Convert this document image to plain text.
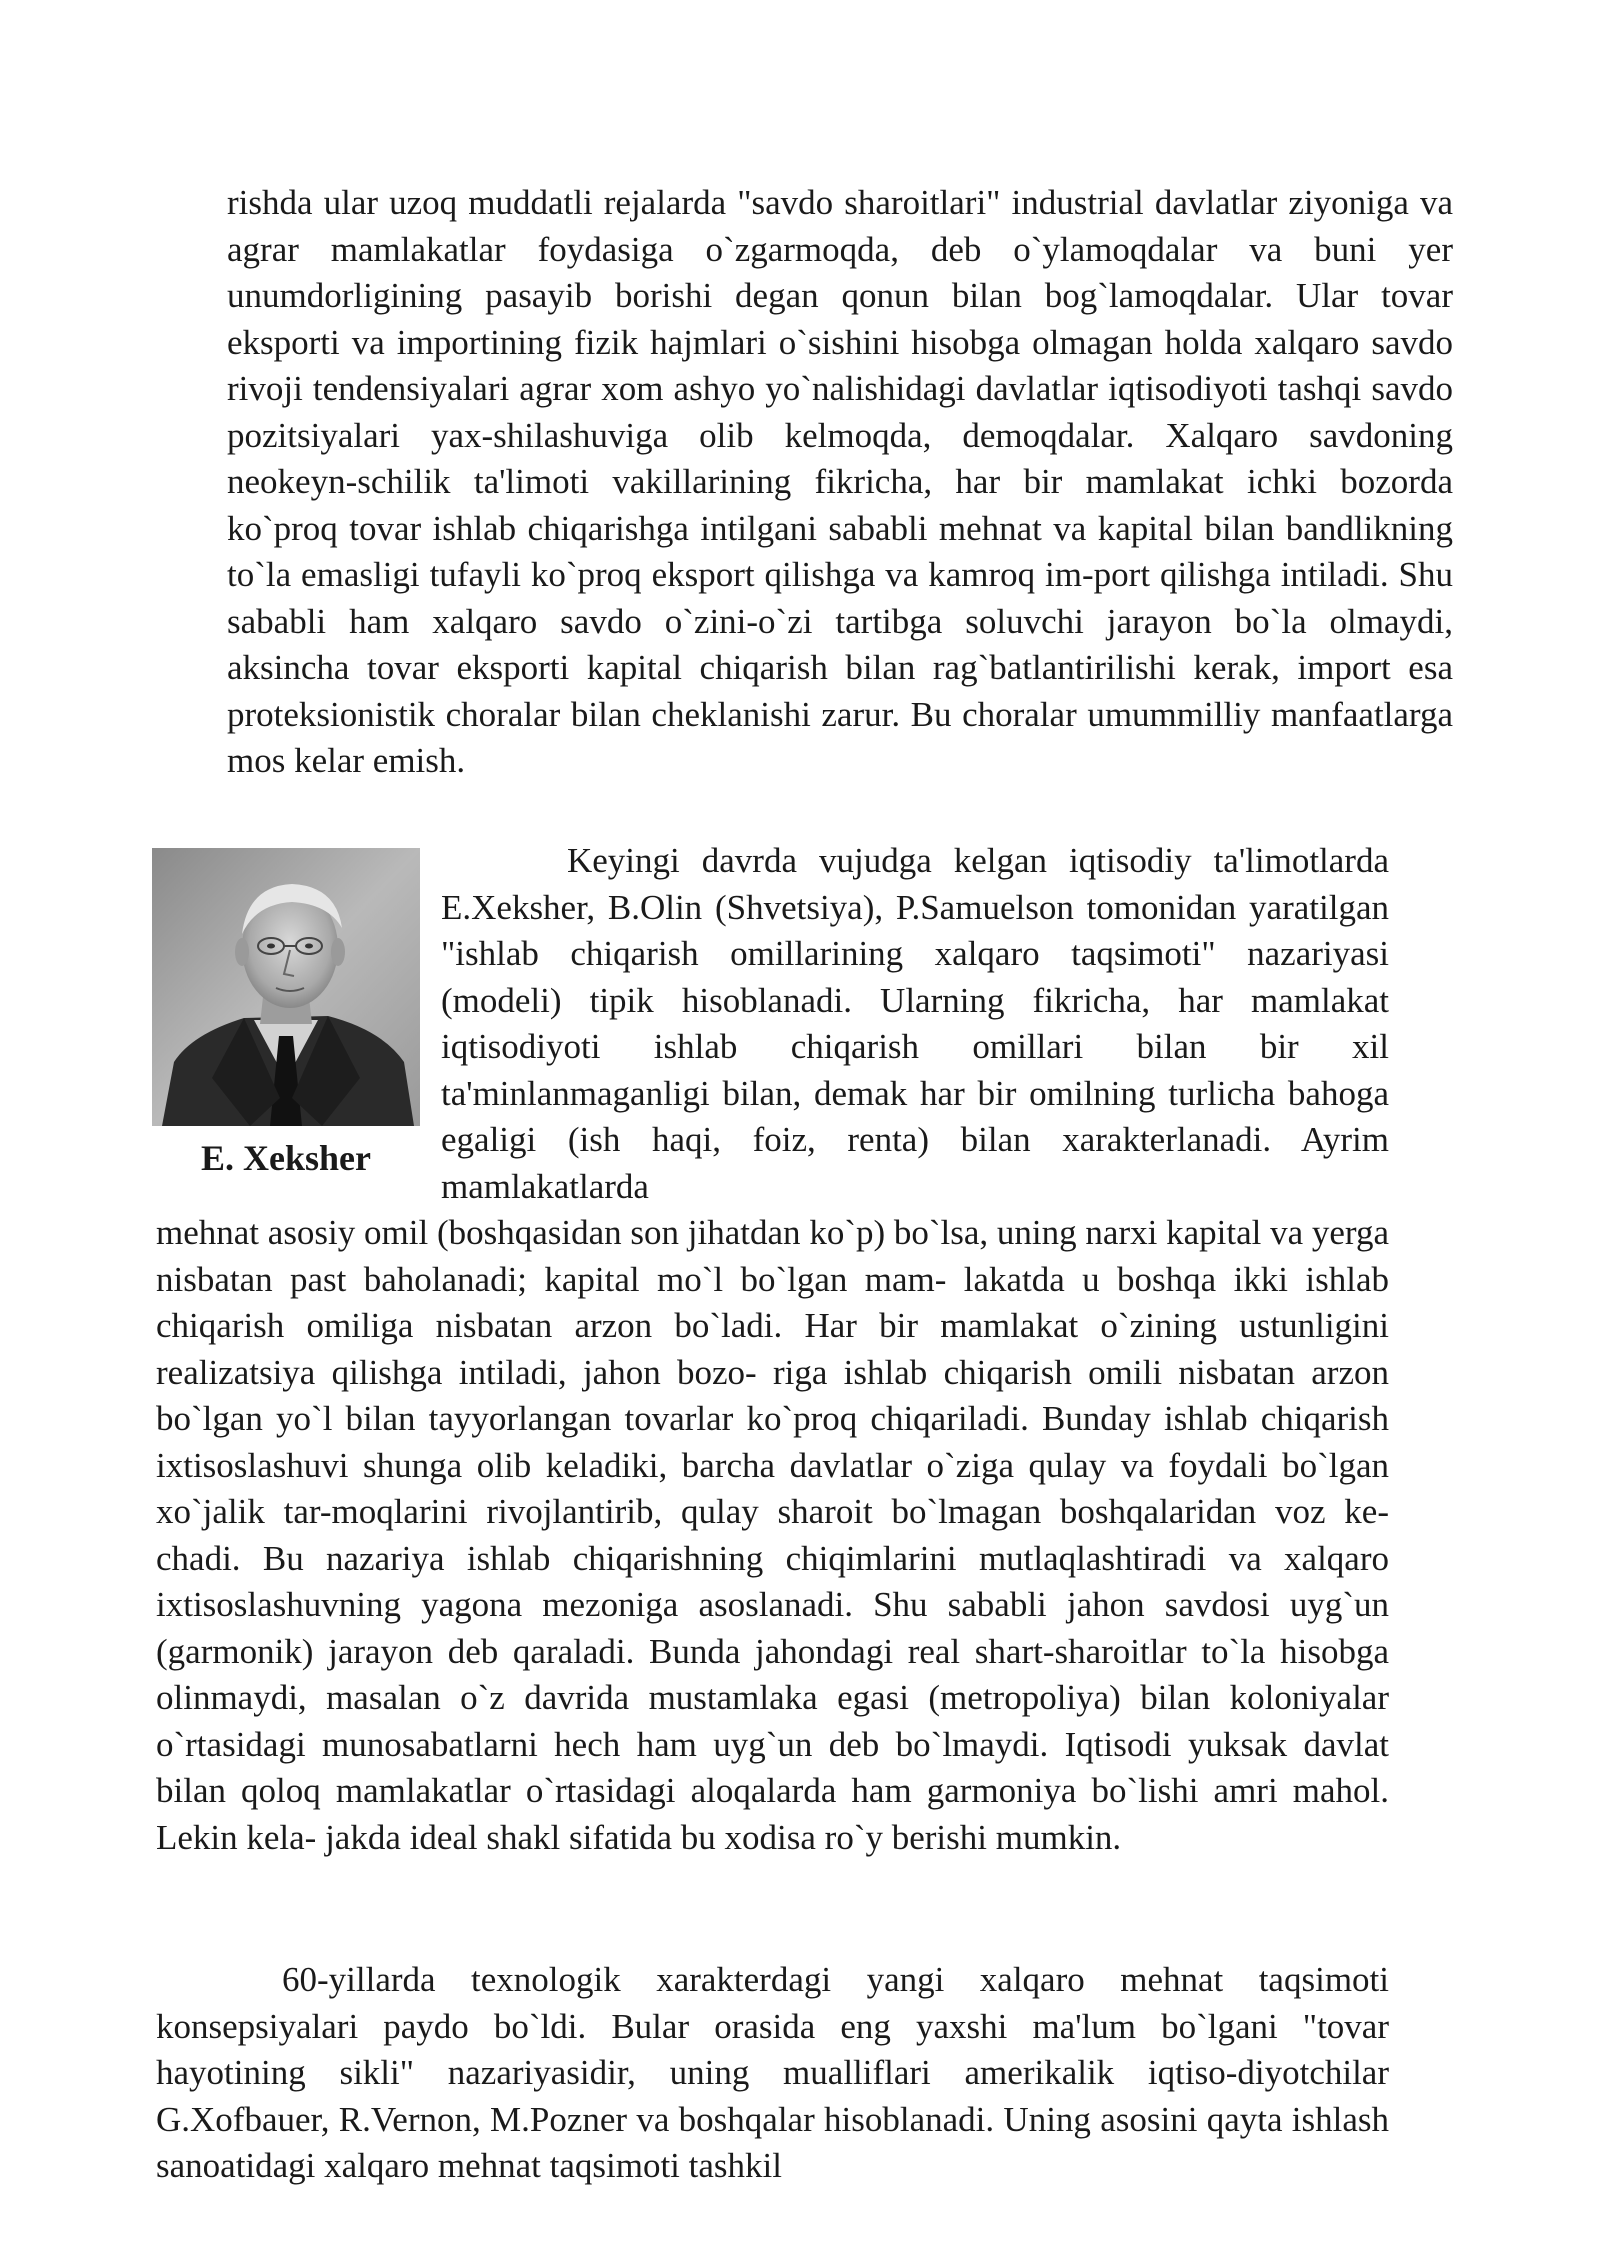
rishda ular uzoq muddatli rejalarda "savdo sharoitlari" industrial davlatlar ziyoniga va agrar mamlakatlar foydasiga o`zgarmoqda, deb o`ylamoqdalar va buni yer unumdorligining pasayib borishi degan qonun bilan bog`lamoqdalar. Ular tovar eksporti va importining fizik hajmlari o`sishini hisobga olmagan holda xalqaro savdo rivoji tendensiyalari agrar xom ashyo yo`nalishidagi davlatlar iqtisodiyoti tashqi savdo pozitsiyalari yax-shilashuviga olib kelmoqda, demoqdalar. Xalqaro savdoning neokeyn-schilik ta'limoti vakillarining fikricha, har bir mamlakat ichki bozorda ko`proq tovar ishlab chiqarishga intilgani sababli mehnat va kapital bilan bandlikning to`la emasligi tufayli ko`proq eksport qilishga va kamroq im-port qilishga intiladi. Shu sababli ham xalqaro savdo o`zini-o`zi tartibga soluvchi jarayon bo`la olmaydi, aksincha tovar eksporti kapital chiqarish bilan rag`batlantirilishi kerak, import esa proteksionistik choralar bilan cheklanishi zarur. Bu choralar umummilliy manfaatlarga mos kelar emish.

E. Xeksher

Keyingi davrda vujudga kelgan iqtisodiy ta'limotlarda E.Xeksher, B.Olin (Shvetsiya), P.Samuelson tomonidan yaratilgan "ishlab chiqarish omillarining xalqaro taqsimoti" nazariyasi (modeli) tipik hisoblanadi. Ularning fikricha, har mamlakat iqtisodiyoti ishlab chiqarish omillari bilan bir xil ta'minlanmaganligi bilan, demak har bir omilning turlicha bahoga egaligi (ish haqi, foiz, renta) bilan xarakterlanadi. Ayrim mamlakatlarda

mehnat asosiy omil (boshqasidan son jihatdan ko`p) bo`lsa, uning narxi kapital va yerga nisbatan past baholanadi; kapital mo`l bo`lgan mam- lakatda u boshqa ikki ishlab chiqarish omiliga nisbatan arzon bo`ladi. Har bir mamlakat o`zining ustunligini realizatsiya qilishga intiladi, jahon bozo- riga ishlab chiqarish omili nisbatan arzon bo`lgan yo`l bilan tayyorlangan tovarlar ko`proq chiqariladi. Bunday ishlab chiqarish ixtisoslashuvi shunga olib keladiki, barcha davlatlar o`ziga qulay va foydali bo`lgan xo`jalik tar-moqlarini rivojlantirib, qulay sharoit bo`lmagan boshqalaridan voz ke-chadi. Bu nazariya ishlab chiqarishning chiqimlarini mutlaqlashtiradi va xalqaro ixtisoslashuvning yagona mezoniga asoslanadi. Shu sababli jahon savdosi uyg`un (garmonik) jarayon deb qaraladi. Bunda jahondagi real shart-sharoitlar to`la hisobga olinmaydi, masalan o`z davrida mustamlaka egasi (metropoliya) bilan koloniyalar o`rtasidagi munosabatlarni hech ham uyg`un deb bo`lmaydi. Iqtisodi yuksak davlat bilan qoloq mamlakatlar o`rtasidagi aloqalarda ham garmoniya bo`lishi amri mahol. Lekin kela- jakda ideal shakl sifatida bu xodisa ro`y berishi mumkin.

60-yillarda texnologik xarakterdagi yangi xalqaro mehnat taqsimoti konsepsiyalari paydo bo`ldi. Bular orasida eng yaxshi ma'lum bo`lgani "tovar hayotining sikli" nazariyasidir, uning mualliflari amerikalik iqtiso-diyotchilar G.Xofbauer, R.Vernon, M.Pozner va boshqalar hisoblanadi. Uning asosini qayta ishlash sanoatidagi xalqaro mehnat taqsimoti tashkil
